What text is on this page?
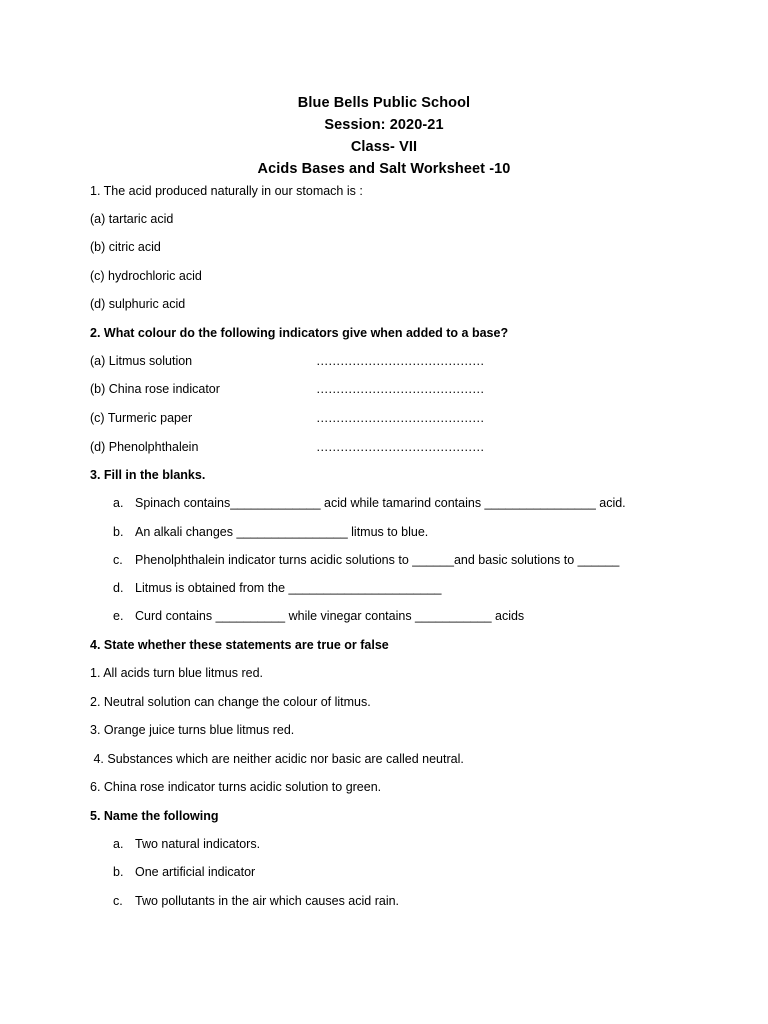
Blue Bells Public School
Session: 2020-21
Class- VII
Acids Bases and Salt Worksheet -10
1. The acid produced naturally in our stomach is :
(a) tartaric acid
(b) citric acid
(c) hydrochloric acid
(d) sulphuric acid
2. What colour do the following indicators give when added to a base?
(a) Litmus solution	……………………………………
(b) China rose indicator	……………………………………
(c) Turmeric paper	……………………………………
(d) Phenolphthalein	……………………………………
3. Fill in the blanks.
a. Spinach contains_____________ acid while tamarind contains ________________ acid.
b. An alkali changes ________________ litmus to blue.
c. Phenolphthalein indicator turns acidic solutions to ______and basic solutions to ______
d. Litmus is obtained from the ______________________
e. Curd contains __________ while vinegar contains ___________ acids
4. State whether these statements are true or false
1. All acids turn blue litmus red.
2. Neutral solution can change the colour of litmus.
3. Orange juice turns blue litmus red.
4. Substances which are neither acidic nor basic are called neutral.
6. China rose indicator turns acidic solution to green.
5. Name the following
a. Two natural indicators.
b. One artificial indicator
c. Two pollutants in the air which causes acid rain.
